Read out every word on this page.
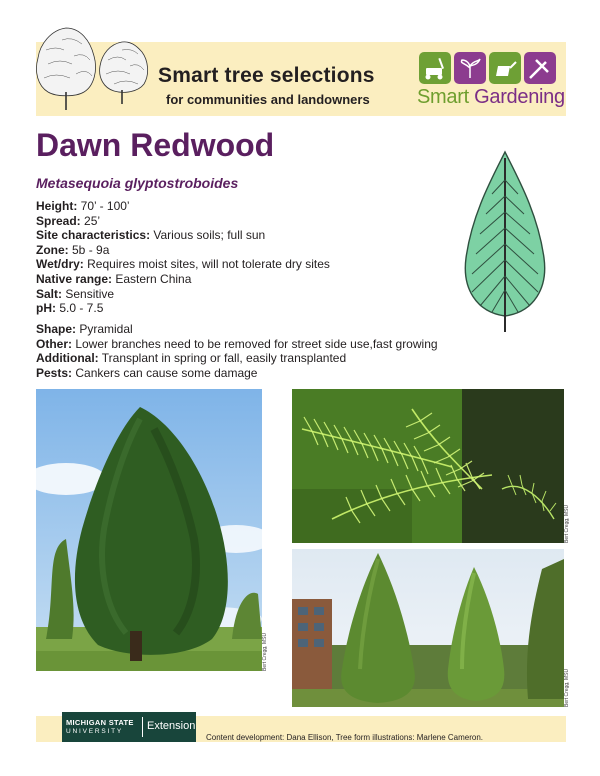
Smart tree selections
for communities and landowners Smart Gardening
Dawn Redwood
Metasequoia glyptostroboides
Height: 70’ - 100’
Spread: 25’
Site characteristics: Various soils; full sun
Zone: 5b - 9a
Wet/dry: Requires moist sites, will not tolerate dry sites
Native range: Eastern China
Salt: Sensitive
pH: 5.0 - 7.5
Shape: Pyramidal
Other: Lower branches need to be removed for street side use,fast growing
Additional: Transplant in spring or fall, easily transplanted
Pests: Cankers can cause some damage
Bert Cregg, MSU
Bert Cregg, MSU
Bert Cregg, MSU
MICHIGAN STATE
UNIVERSITY Extension
Content development: Dana Ellison, Tree form illustrations: Marlene Cameron.
